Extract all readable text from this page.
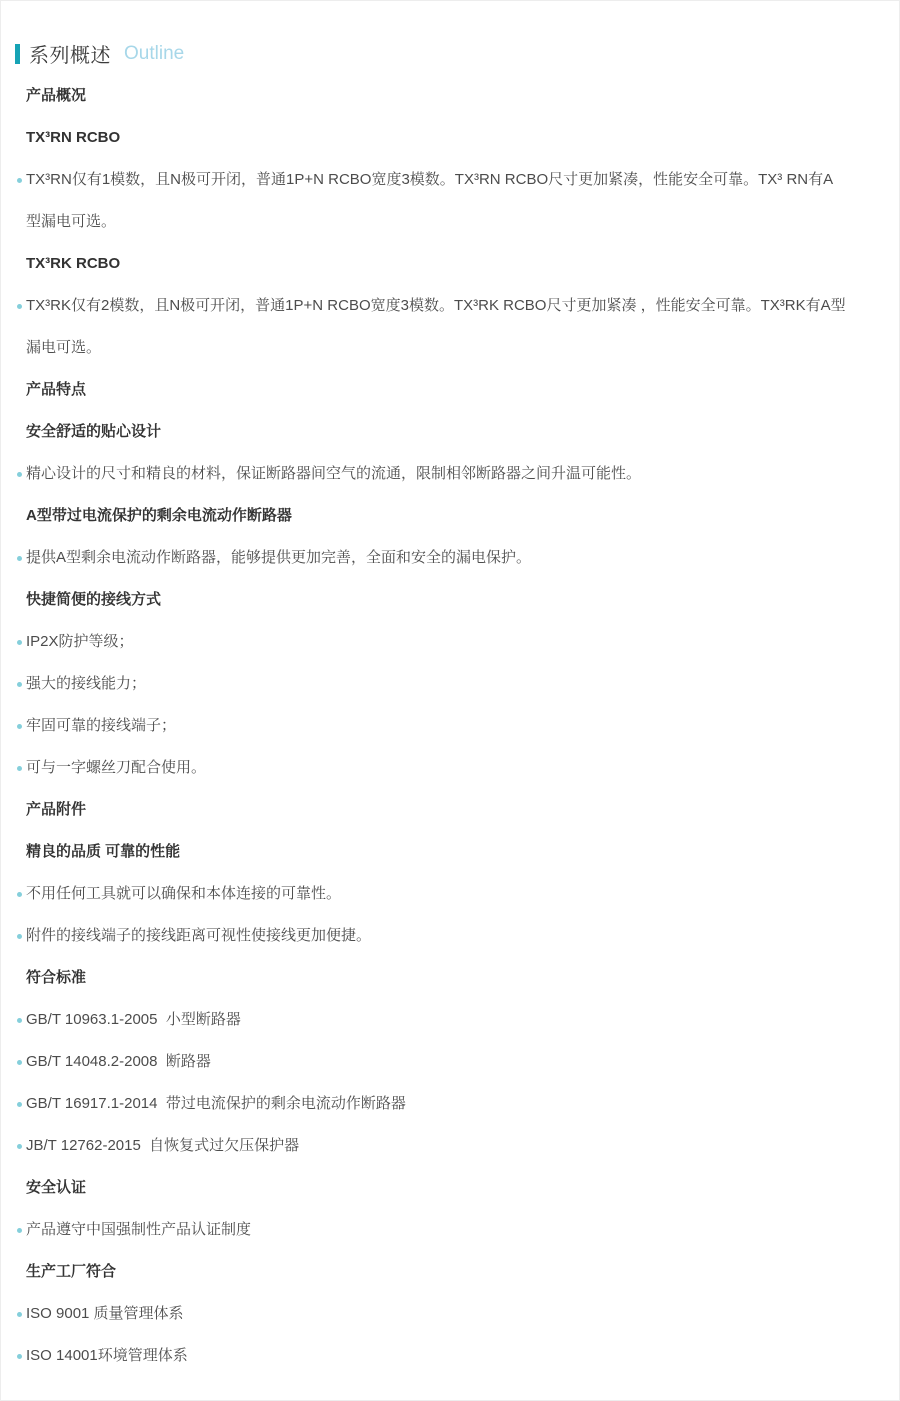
系列概述 Outline
产品概况
TX³RN RCBO
TX³RN仅有1模数，且N极可开闭，普通1P+N RCBO宽度3模数。TX³RN RCBO尺寸更加紧凑，性能安全可靠。TX³ RN有A型漏电可选。
TX³RK RCBO
TX³RK仅有2模数，且N极可开闭，普通1P+N RCBO宽度3模数。TX³RK RCBO尺寸更加紧凑 ，性能安全可靠。TX³RK有A型漏电可选。
产品特点
安全舒适的贴心设计
精心设计的尺寸和精良的材料，保证断路器间空气的流通，限制相邻断路器之间升温可能性。
A型带过电流保护的剩余电流动作断路器
提供A型剩余电流动作断路器，能够提供更加完善，全面和安全的漏电保护。
快捷简便的接线方式
IP2X防护等级；
强大的接线能力；
牢固可靠的接线端子；
可与一字螺丝刀配合使用。
产品附件
精良的品质 可靠的性能
不用任何工具就可以确保和本体连接的可靠性。
附件的接线端子的接线距离可视性使接线更加便捷。
符合标准
GB/T 10963.1-2005  小型断路器
GB/T 14048.2-2008  断路器
GB/T 16917.1-2014  带过电流保护的剩余电流动作断路器
JB/T 12762-2015  自恢复式过欠压保护器
安全认证
产品遵守中国强制性产品认证制度
生产工厂符合
ISO 9001 质量管理体系
ISO 14001环境管理体系
